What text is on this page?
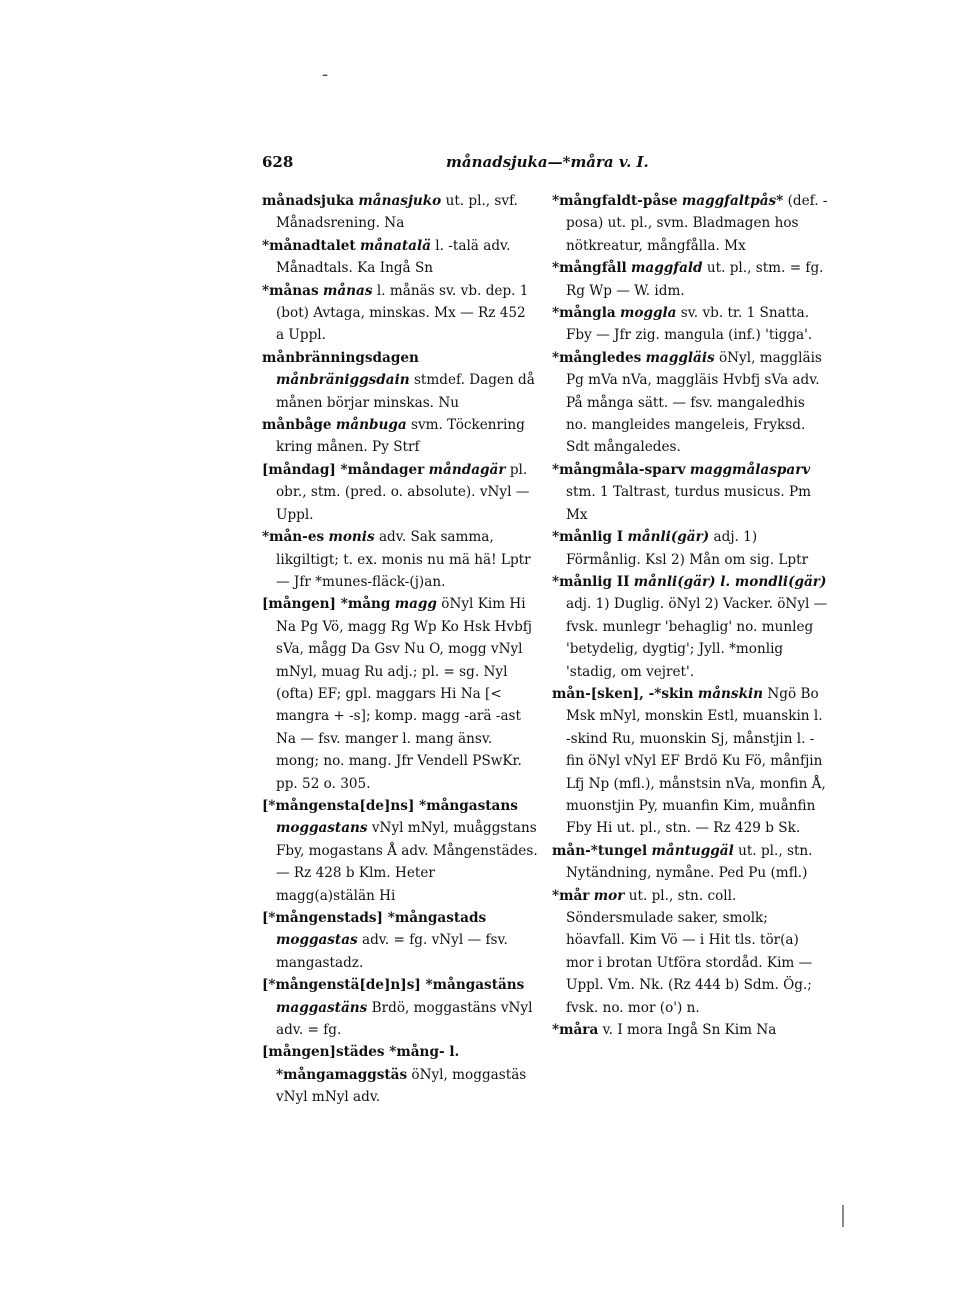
-
628	månadsjuka—*måra v. I.

månadsjuka månasjuko ut. pl., svf. Månadsrening. Na

*månadtalet månatalä l. -talä adv. Månadtals. Ka Ingå Sn

*månas månas l. månäs sv. vb. dep. 1 (bot) Avtaga, minskas. Mx — Rz 452 a Uppl.

månbränningsdagen månbräniggsdain stmdef. Dagen då månen börjar minskas. Nu

månbåge månbuga svm. Töckenring kring månen. Py Strf

[måndag] *måndager måndagär pl. obr., stm. (pred. o. absolute). vNyl — Uppl.

*mån-es monis adv. Sak samma, likgiltigt; t. ex. monis nu mä hä! Lptr — Jfr *munes-fläck-(j)an.

[mången] *mång magg öNyl Kim Hi Na Pg Vö, magg Rg Wp Ko Hsk Hvbfj sVa, mågg Da Gsv Nu O, mogg vNyl mNyl, muag Ru adj.; pl. = sg. Nyl (ofta) EF; gpl. maggars Hi Na [< mangra + -s]; komp. magg -arä -ast Na — fsv. manger l. mang änsv. mong; no. mang. Jfr Vendell PSwKr. pp. 52 o. 305.

[*mångensta[de]ns] *mångastans moggastans vNyl mNyl, muåggstans Fby, mogastans Å adv. Mångenstädes. — Rz 428 b Klm. Heter magg(a)stälän Hi

[*mångenstads] *mångastads moggastas adv. = fg. vNyl — fsv. mangastadz.

[*mångenstä[de]n]s] *mångastäns maggastäns Brdö, moggastäns vNyl adv. = fg.

[mången]städes *mång- l. *mångamaggstäs öNyl, moggastäs vNyl mNyl adv.

*mångfaldt-påse maggfaltpås* (def. -posa) ut. pl., svm. Bladmagen hos nötkreatur, mångfålla. Mx

*mångfåll maggfald ut. pl., stm. = fg. Rg Wp — W. idm.

*mångla moggla sv. vb. tr. 1 Snatta. Fby — Jfr zig. mangula (inf.) 'tigga'.

*mångledes maggläis öNyl, maggläis Pg mVa nVa, maggläis Hvbfj sVa adv. På många sätt. — fsv. mangaledhis no. mangleides mangeleis, Fryksd. Sdt mångaledes.

*mångmåla-sparv maggmålasparv stm. 1 Taltrast, turdus musicus. Pm Mx

*månlig I månli(gär) adj. 1) Förmånlig. Ksl 2) Mån om sig. Lptr

*månlig II månli(gär) l. mondli(gär) adj. 1) Duglig. öNyl 2) Vacker. öNyl — fvsk. munlegr 'behaglig' no. munleg 'betydelig, dygtig'; Jyll. *monlig 'stadig, om vejret'.

mån-[sken], -*skin månskin Ngö Bo Msk mNyl, monskin Estl, muanskin l. -skind Ru, muonskin Sj, månstjin l. -fin öNyl vNyl EF Brdö Ku Fö, månfjin Lfj Np (mfl.), månstsin nVa, monfin Å, muonstjin Py, muanfin Kim, muånfin Fby Hi ut. pl., stn. — Rz 429 b Sk.

mån-*tungel måntuggäl ut. pl., stn. Nytändning, nymåne. Ped Pu (mfl.)

*mår mor ut. pl., stn. coll. Söndersmulade saker, smolk; höavfall. Kim Vö — i Hit tls. tör(a) mor i brotan Utföra stordåd. Kim — Uppl. Vm. Nk. (Rz 444 b) Sdm. Ög.; fvsk. no. mor (o') n.

*måra v. I mora Ingå Sn Kim Na
